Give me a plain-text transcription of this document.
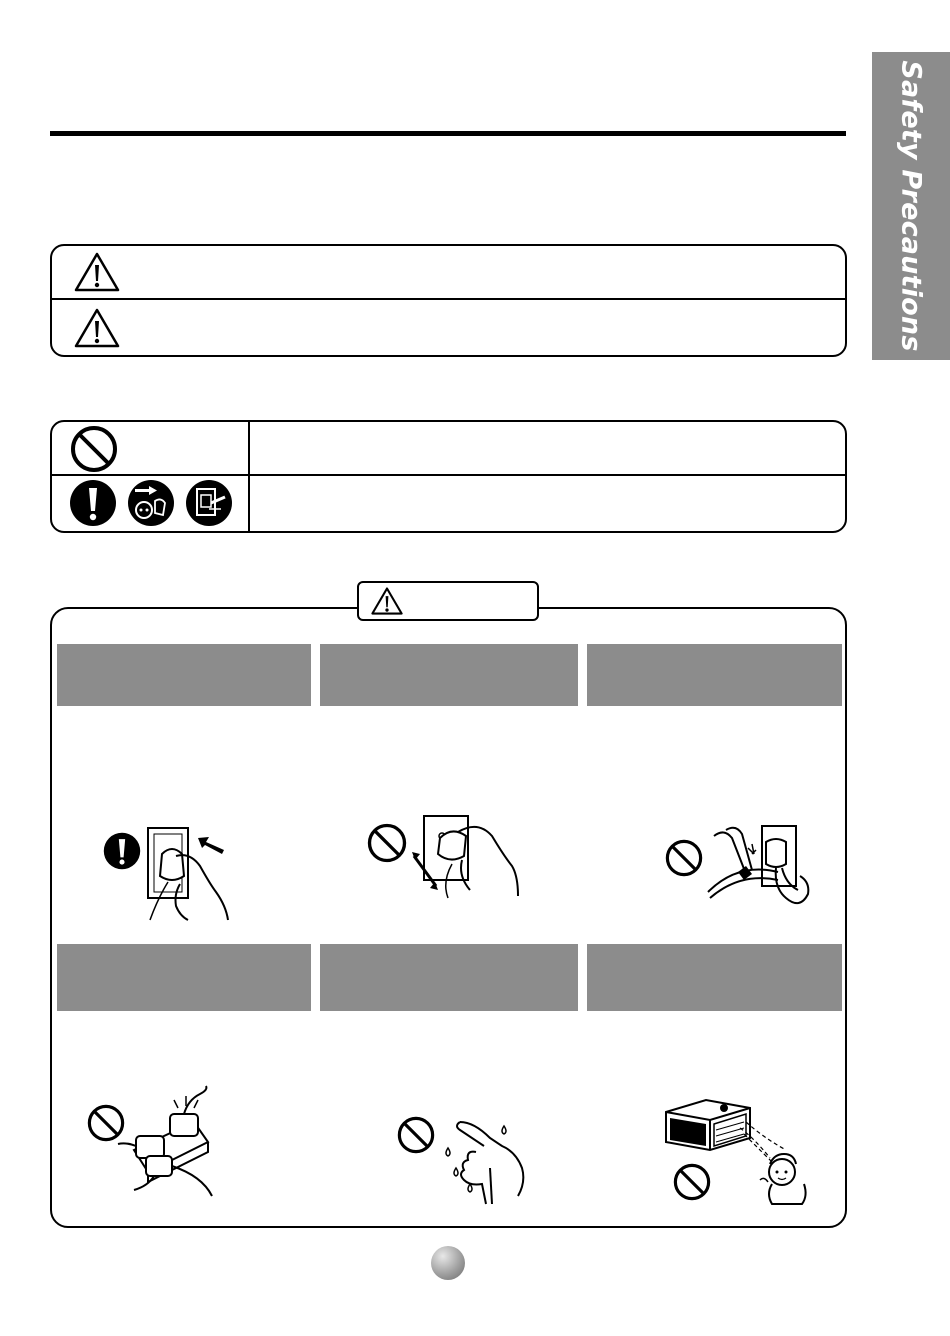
Safety Precautions
